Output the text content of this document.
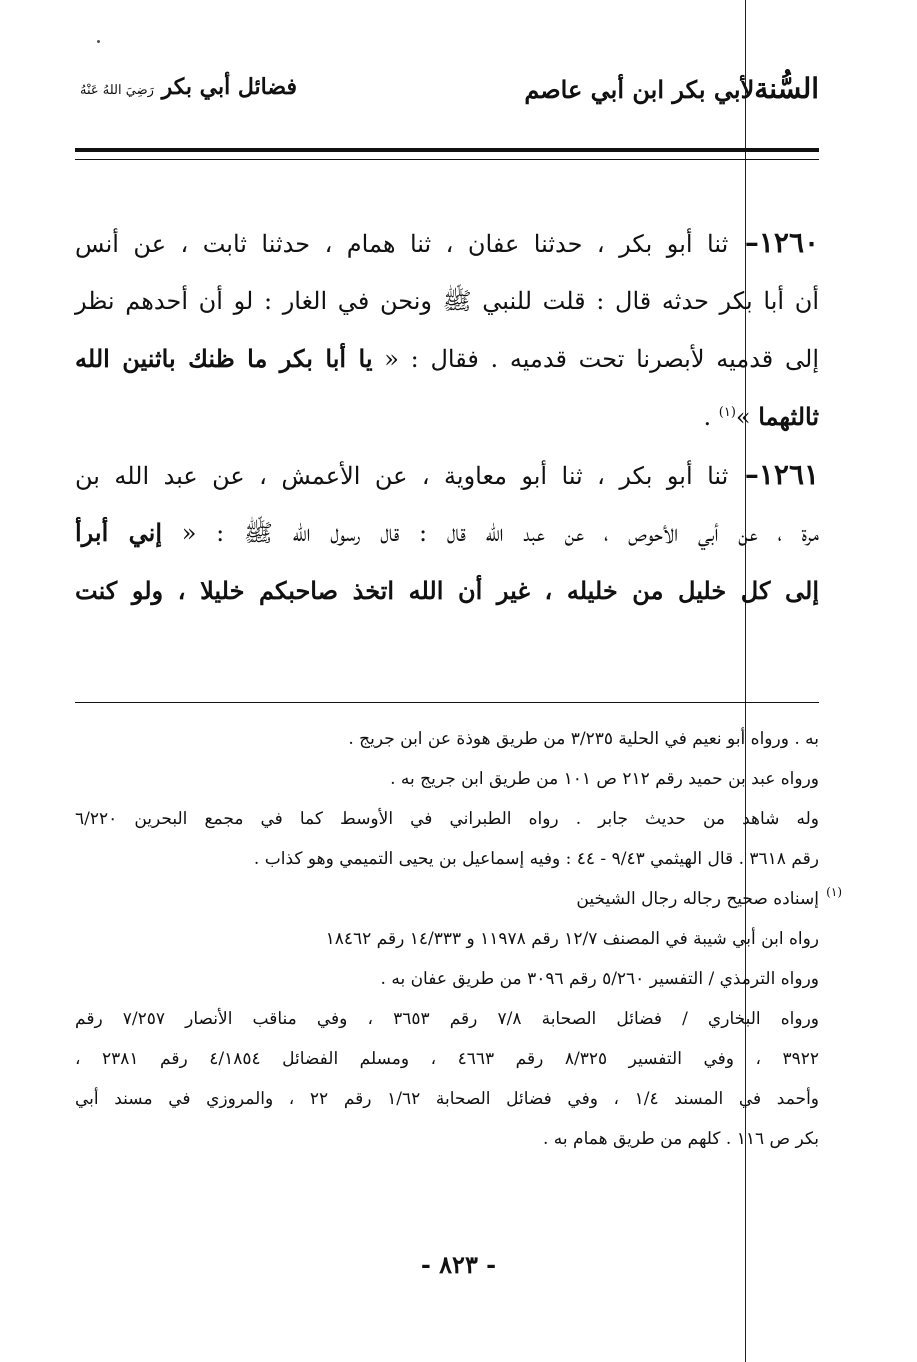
السُّنةلأبي بكر ابن أبي عاصم
فضائل أبي بكر رَضِيَ اللهُ عَنْهُ
١٢٦٠– ثنا أبو بكر ، حدثنا عفان ، ثنا همام ، حدثنا ثابت ، عن أنس
أن أبا بكر حدثه قال : قلت للنبي ﷺ ونحن في الغار : لو أن أحدهم نظر
إلى قدميه لأبصرنا تحت قدميه . فقال : « يا أبا بكر ما ظنك باثنين الله
ثالثهما »$^{(١)}$ .
١٢٦١– ثنا أبو بكر ، ثنا أبو معاوية ، عن الأعمش ، عن عبد الله بن
مرة ، عن أبي الأحوص ، عن عبد الله قال : قال رسول الله ﷺ : « إني أبرأ
إلى كل خليل من خليله ، غير أن الله اتخذ صاحبكم خليلا ، ولو كنت
به . ورواه أبو نعيم في الحلية ٣/٢٣٥ من طريق هوذة عن ابن جريج .
ورواه عبد بن حميد رقم ٢١٢ ص ١٠١ من طريق ابن جريج به .
وله شاهد من حديث جابر . رواه الطبراني في الأوسط كما في مجمع البحرين ٦/٢٢٠
رقم ٣٦١٨ . قال الهيثمي ٩/٤٣ - ٤٤ : وفيه إسماعيل بن يحيى التميمي وهو كذاب .
(١)
إسناده صحيح رجاله رجال الشيخين
رواه ابن أبي شيبة في المصنف ١٢/٧ رقم ١١٩٧٨ و ١٤/٣٣٣ رقم ١٨٤٦٢
ورواه الترمذي / التفسير ٥/٢٦٠ رقم ٣٠٩٦ من طريق عفان به .
ورواه البخاري / فضائل الصحابة ٧/٨ رقم ٣٦٥٣ ، وفي مناقب الأنصار ٧/٢٥٧ رقم
٣٩٢٢ ، وفي التفسير ٨/٣٢٥ رقم ٤٦٦٣ ، ومسلم الفضائل ٤/١٨٥٤ رقم ٢٣٨١ ،
وأحمد في المسند ١/٤ ، وفي فضائل الصحابة ١/٦٢ رقم ٢٢ ، والمروزي في مسند أبي
بكر ص ١١٦ . كلهم من طريق همام به .
- ٨٢٣ -
